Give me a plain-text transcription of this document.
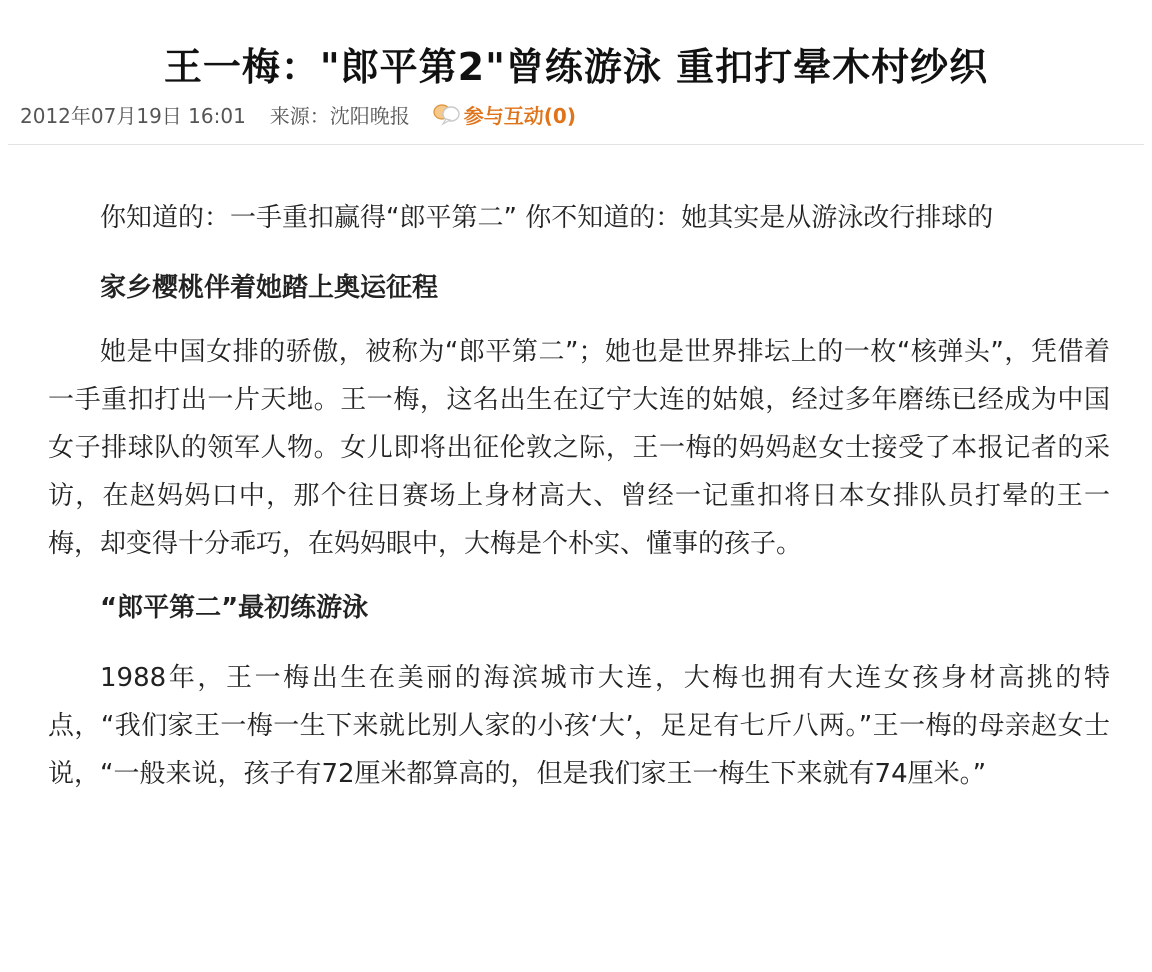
王一梅："郎平第2"曾练游泳 重扣打晕木村纱织
2012年07月19日 16:01 来源： 沈阳晚报	参与互动(0)

你知道的：一手重扣赢得“郎平第二” 你不知道的：她其实是从游泳改行排球的

家乡樱桃伴着她踏上奥运征程

她是中国女排的骄傲，被称为“郎平第二”；她也是世界排坛上的一枚“核弹头”，凭借着一手重扣打出一片天地。王一梅，这名出生在辽宁大连的姑娘，经过多年磨练已经成为中国女子排球队的领军人物。女儿即将出征伦敦之际，王一梅的妈妈赵女士接受了本报记者的采访，在赵妈妈口中，那个往日赛场上身材高大、曾经一记重扣将日本女排队员打晕的王一梅，却变得十分乖巧，在妈妈眼中，大梅是个朴实、懂事的孩子。

“郎平第二”最初练游泳

1988年，王一梅出生在美丽的海滨城市大连，大梅也拥有大连女孩身材高挑的特点，“我们家王一梅一生下来就比别人家的小孩‘大’，足足有七斤八两。”王一梅的母亲赵女士说，“一般来说，孩子有72厘米都算高的，但是我们家王一梅生下来就有74厘米。”
